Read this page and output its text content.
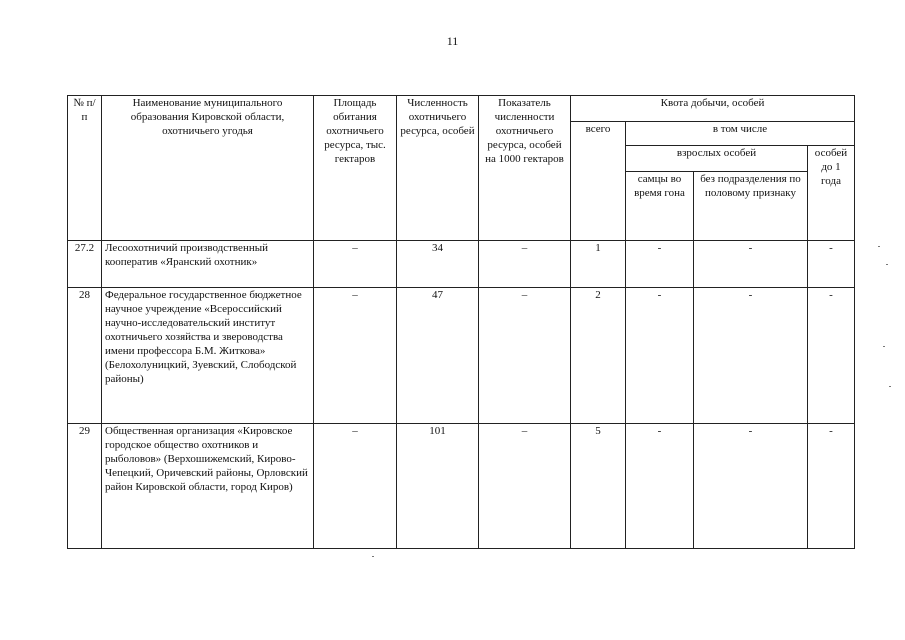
11
№ п/п	Наименование муниципального образования Кировской области, охотничьего угодья	Площадь обитания охотничьего ресурса, тыс. гектаров	Численность охотничьего ресурса, особей	Показатель численности охотничьего ресурса, особей на 1000 гектаров	Квота добычи, особей			
					всего	в том числе		
						взрослых особей		особей до 1 года
						самцы во время гона	без подразделения по половому признаку	
27.2	Лесоохотничий производственный кооператив «Яранский охотник»	–	34	–	1	-	-	-
28	Федеральное государственное бюджетное научное учреждение «Всероссийский научно-исследовательский институт охотничьего хозяйства и звероводства имени профессора Б.М. Житкова» (Белохолуницкий, Зуевский, Слободской районы)	–	47	–	2	-	-	-
29	Общественная организация «Кировское городское общество охотников и рыболовов» (Верхошижемский, Кирово-Чепецкий, Оричевский районы, Орловский район Кировской области, город Киров)	–	101	–	5	-	-	-
